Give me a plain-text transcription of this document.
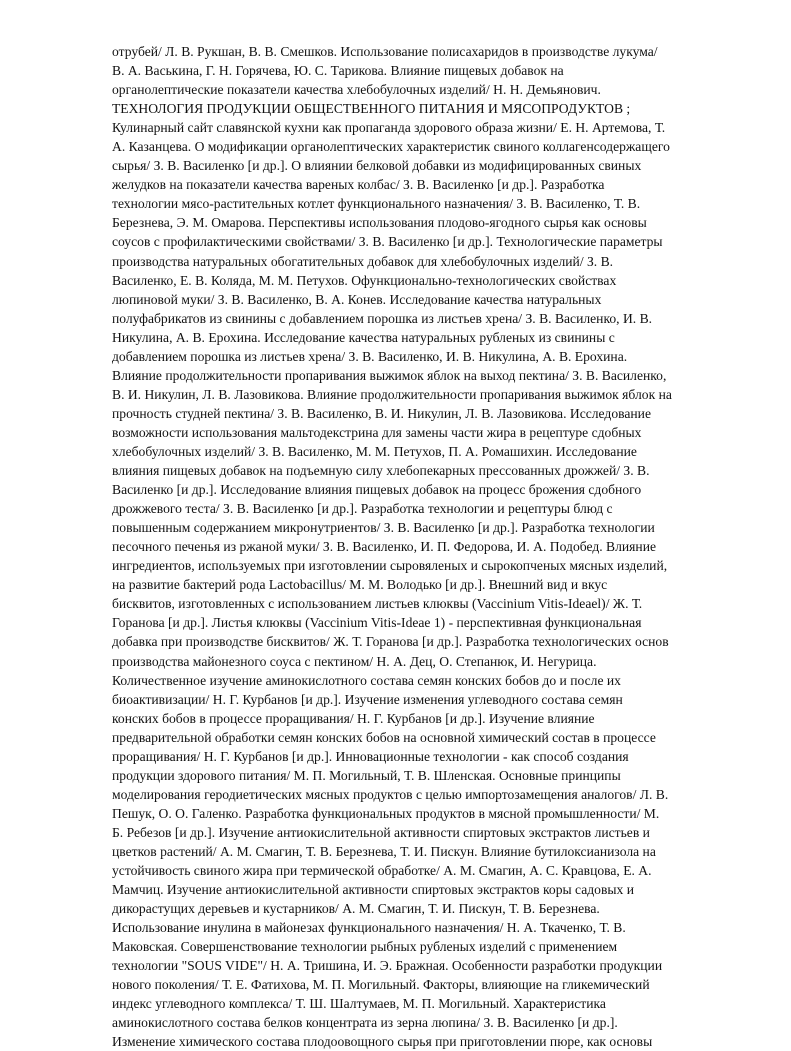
отрубей/ Л. В. Рукшан, В. В. Смешков. Использование полисахаридов в производстве лукума/
В. А. Васькина, Г. Н. Горячева, Ю. С. Тарикова. Влияние пищевых добавок на
органолептические показатели качества хлебобулочных изделий/ Н. Н. Демьянович.
ТЕХНОЛОГИЯ ПРОДУКЦИИ ОБЩЕСТВЕННОГО ПИТАНИЯ И МЯСОПРОДУКТОВ ;
Кулинарный сайт славянской кухни как пропаганда здорового образа жизни/ Е. Н. Артемова, Т.
А. Казанцева. О модификации органолептических характеристик свиного коллагенсодержащего
сырья/ З. В. Василенко [и др.]. О влиянии белковой добавки из модифицированных свиных
желудков на показатели качества вареных колбас/ З. В. Василенко [и др.]. Разработка
технологии мясо-растительных котлет функционального назначения/ З. В. Василенко, Т. В.
Березнева, Э. М. Омарова. Перспективы использования плодово-ягодного сырья как основы
соусов с профилактическими свойствами/ З. В. Василенко [и др.]. Технологические параметры
производства натуральных обогатительных добавок для хлебобулочных изделий/ З. В.
Василенко, Е. В. Коляда, М. М. Петухов. Офункционально-технологических свойствах
люпиновой муки/ З. В. Василенко, В. А. Конев. Исследование качества натуральных
полуфабрикатов из свинины с добавлением порошка из листьев хрена/ З. В. Василенко, И. В.
Никулина, А. В. Ерохина. Исследование качества натуральных рубленых из свинины с
добавлением порошка из листьев хрена/ З. В. Василенко, И. В. Никулина, А. В. Ерохина.
Влияние продолжительности пропаривания выжимок яблок на выход пектина/ З. В. Василенко,
В. И. Никулин, Л. В. Лазовикова. Влияние продолжительности пропаривания выжимок яблок на
прочность студней пектина/ З. В. Василенко, В. И. Никулин, Л. В. Лазовикова. Исследование
возможности использования мальтодекстрина для замены части жира в рецептуре сдобных
хлебобулочных изделий/ З. В. Василенко, М. М. Петухов, П. А. Ромашихин. Исследование
влияния пищевых добавок на подъемную силу хлебопекарных прессованных дрожжей/ З. В.
Василенко [и др.]. Исследование влияния пищевых добавок на процесс брожения сдобного
дрожжевого теста/ З. В. Василенко [и др.]. Разработка технологии и рецептуры блюд с
повышенным содержанием микронутриентов/ З. В. Василенко [и др.]. Разработка технологии
песочного печенья из ржаной муки/ З. В. Василенко, И. П. Федорова, И. А. Подобед. Влияние
ингредиентов, используемых при изготовлении сыровяленых и сырокопченых мясных изделий,
на развитие бактерий рода Lactobacillus/ М. М. Володько [и др.]. Внешний вид и вкус
бисквитов, изготовленных с использованием листьев клюквы (Vaccinium Vitis-Ideael)/ Ж. Т.
Горанова [и др.]. Листья клюквы (Vaccinium Vitis-Ideae 1) - перспективная функциональная
добавка при производстве бисквитов/ Ж. Т. Горанова [и др.]. Разработка технологических основ
производства майонезного соуса с пектином/ Н. А. Дец, О. Степанюк, И. Негурица.
Количественное изучение аминокислотного состава семян конских бобов до и после их
биоактивизации/ Н. Г. Курбанов [и др.]. Изучение изменения углеводного состава семян
конских бобов в процессе проращивания/ Н. Г. Курбанов [и др.]. Изучение влияние
предварительной обработки семян конских бобов на основной химический состав в процессе
проращивания/ Н. Г. Курбанов [и др.]. Инновационные технологии - как способ создания
продукции здорового питания/ М. П. Могильный, Т. В. Шленская. Основные принципы
моделирования геродиетических мясных продуктов с целью импортозамещения аналогов/ Л. В.
Пешук, О. О. Галенко. Разработка функциональных продуктов в мясной промышленности/ М.
Б. Ребезов [и др.]. Изучение антиокислительной активности спиртовых экстрактов листьев и
цветков растений/ А. М. Смагин, Т. В. Березнева, Т. И. Пискун. Влияние бутилоксианизола на
устойчивость свиного жира при термической обработке/ А. М. Смагин, А. С. Кравцова, Е. А.
Мамчиц. Изучение антиокислительной активности спиртовых экстрактов коры садовых и
дикорастущих деревьев и кустарников/ А. М. Смагин, Т. И. Пискун, Т. В. Березнева.
Использование инулина в майонезах функционального назначения/ Н. А. Ткаченко, Т. В.
Маковская. Совершенствование технологии рыбных рубленых изделий с применением
технологии "SOUS VIDE"/ Н. А. Тришина, И. Э. Бражная. Особенности разработки продукции
нового поколения/ Т. Е. Фатихова, М. П. Могильный. Факторы, влияющие на гликемический
индекс углеводного комплекса/ Т. Ш. Шалтумаев, М. П. Могильный. Характеристика
аминокислотного состава белков концентрата из зерна люпина/ З. В. Василенко [и др.].
Изменение химического состава плодоовощного сырья при приготовлении пюре, как основы
